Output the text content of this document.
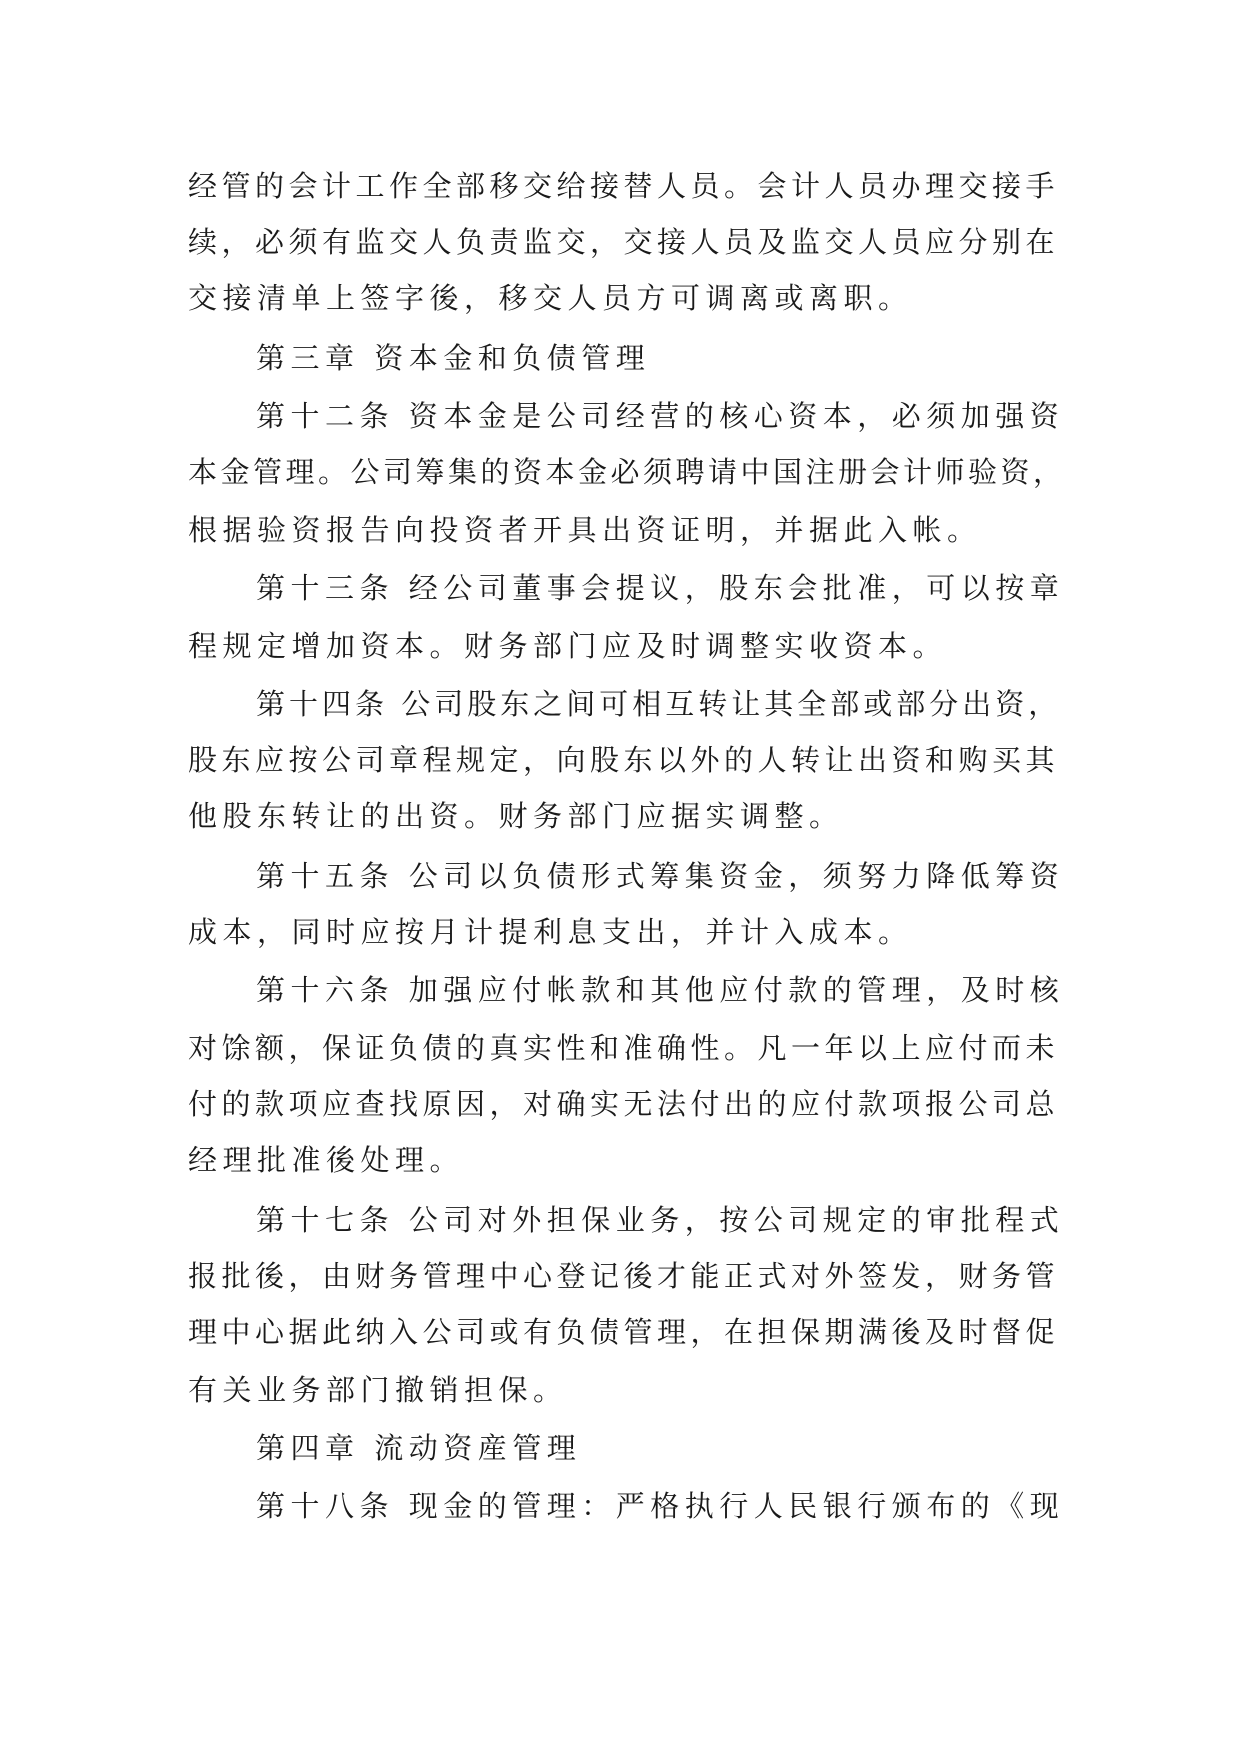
经管的会计工作全部移交给接替人员。会计人员办理交接手
续，必须有监交人负责监交，交接人员及监交人员应分别在
交接清单上签字後，移交人员方可调离或离职。
第三章 资本金和负债管理
第十二条 资本金是公司经营的核心资本，必须加强资
本金管理。公司筹集的资本金必须聘请中国注册会计师验资，
根据验资报告向投资者开具出资证明，并据此入帐。
第十三条 经公司董事会提议，股东会批准，可以按章
程规定增加资本。财务部门应及时调整实收资本。
第十四条 公司股东之间可相互转让其全部或部分出资，
股东应按公司章程规定，向股东以外的人转让出资和购买其
他股东转让的出资。财务部门应据实调整。
第十五条 公司以负债形式筹集资金，须努力降低筹资
成本，同时应按月计提利息支出，并计入成本。
第十六条 加强应付帐款和其他应付款的管理，及时核
对馀额，保证负债的真实性和准确性。凡一年以上应付而未
付的款项应查找原因，对确实无法付出的应付款项报公司总
经理批准後处理。
第十七条 公司对外担保业务，按公司规定的审批程式
报批後，由财务管理中心登记後才能正式对外签发，财务管
理中心据此纳入公司或有负债管理，在担保期满後及时督促
有关业务部门撤销担保。
第四章 流动资産管理
第十八条 现金的管理：严格执行人民银行颁布的《现
